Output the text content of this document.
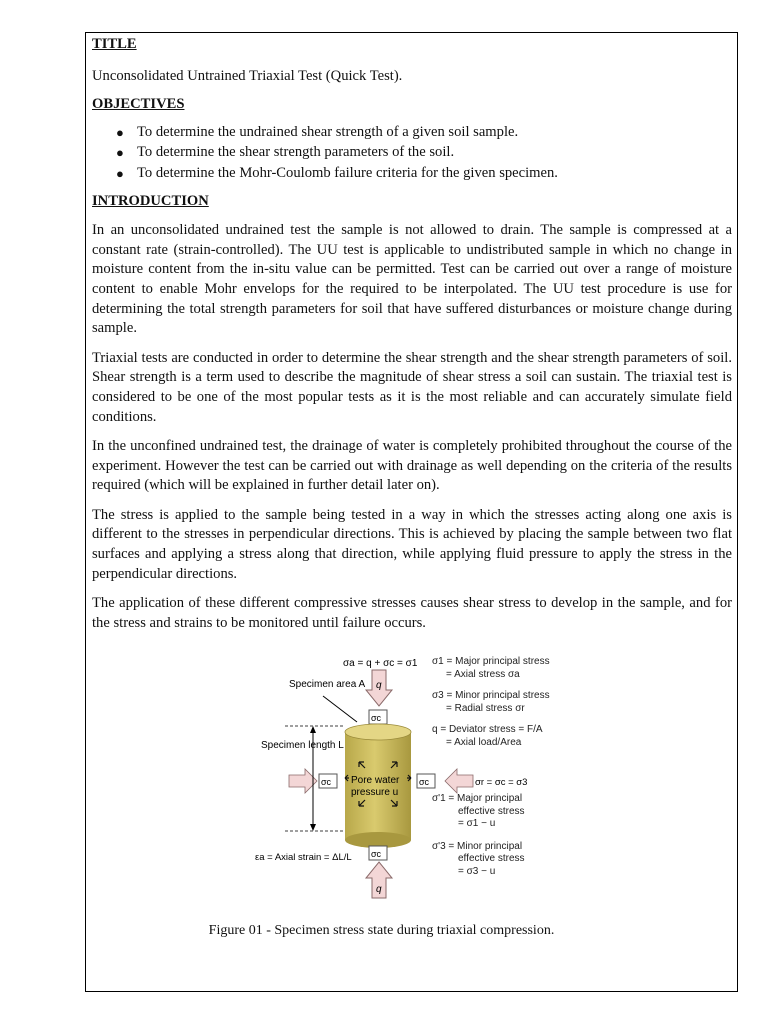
TITLE

Unconsolidated Untrained Triaxial Test (Quick Test).

OBJECTIVES

● To determine the undrained shear strength of a given soil sample.
● To determine the shear strength parameters of the soil.
● To determine the Mohr-Coulomb failure criteria for the given specimen.

INTRODUCTION

In an unconsolidated undrained test the sample is not allowed to drain. The sample is compressed at a constant rate (strain-controlled). The UU test is applicable to undistributed sample in which no change in moisture content from the in-situ value can be permitted. Test can be carried out over a range of moisture content to enable Mohr envelops for the required to be interpolated. The UU test procedure is use for determining the total strength parameters for soil that have suffered disturbances or moisture change during sample.

Triaxial tests are conducted in order to determine the shear strength and the shear strength parameters of soil. Shear strength is a term used to describe the magnitude of shear stress a soil can sustain. The triaxial test is considered to be one of the most popular tests as it is the most reliable and can accurately simulate field conditions.

In the unconfined undrained test, the drainage of water is completely prohibited throughout the course of the experiment. However the test can be carried out with drainage as well depending on the criteria of the results required (which will be explained in further detail later on).

The stress is applied to the sample being tested in a way in which the stresses acting along one axis is different to the stresses in perpendicular directions. This is achieved by placing the sample between two flat surfaces and applying a stress along that direction, while applying fluid pressure to apply the stress in the perpendicular directions.

The application of these different compressive stresses causes shear stress to develop in the sample, and for the stress and strains to be monitored until failure occurs.

σa = q + σc = σ1
Specimen area A q
σc
Pore water
pressure u
σc	σc	σr = σc = σ3
Specimen length L
σc
q
εa = Axial strain = ΔL/L
σ1 = Major principal stress
= Axial stress σa
σ3 = Minor principal stress
= Radial stress σr
q = Deviator stress = F/A
= Axial load/Area
σ'1 = Major principal
effective stress
= σ1 − u
σ'3 = Minor principal
effective stress
= σ3 − u
Figure 01 - Specimen stress state during triaxial compression.
